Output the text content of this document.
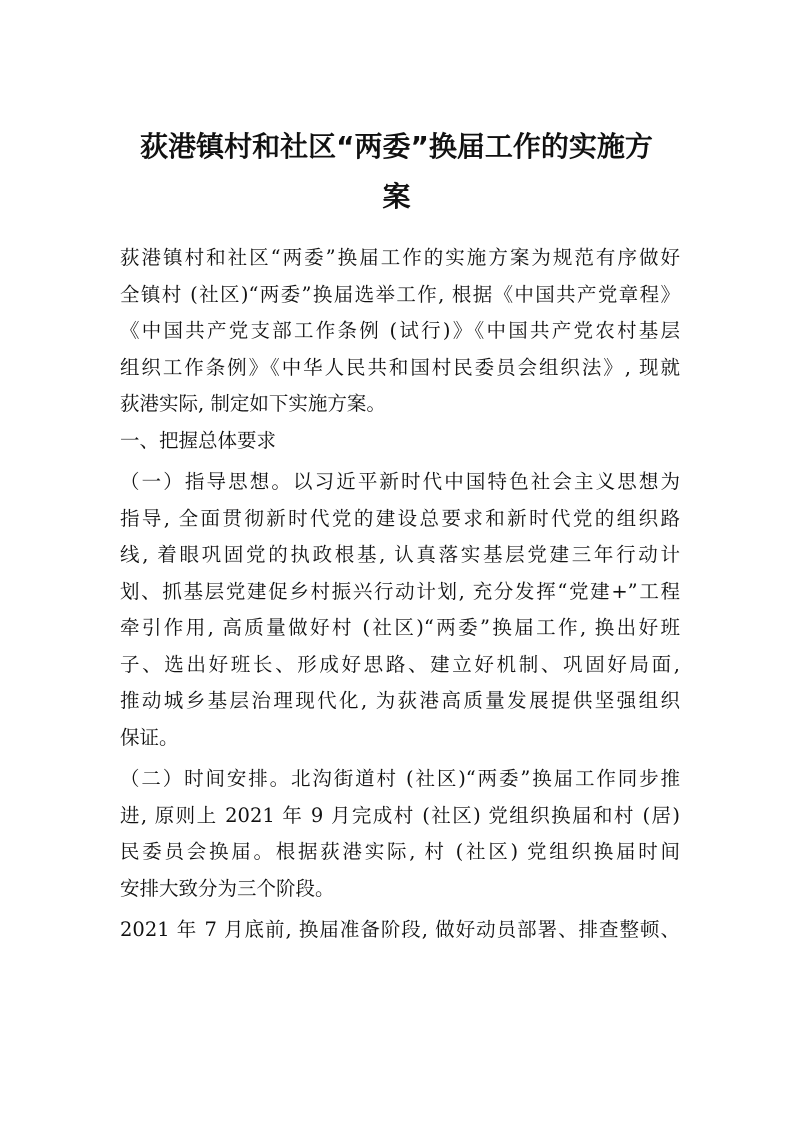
荻港镇村和社区“两委”换届工作的实施方
案
荻港镇村和社区“两委”换届工作的实施方案为规范有序做好
全镇村 (社区)“两委”换届选举工作, 根据《中国共产党章程》
《中国共产党支部工作条例 (试行)》《中国共产党农村基层
组织工作条例》《中华人民共和国村民委员会组织法》, 现就
荻港实际, 制定如下实施方案。
一、把握总体要求
（一）指导思想。以习近平新时代中国特色社会主义思想为
指导, 全面贯彻新时代党的建设总要求和新时代党的组织路
线, 着眼巩固党的执政根基, 认真落实基层党建三年行动计
划、抓基层党建促乡村振兴行动计划, 充分发挥“党建+”工程
牵引作用, 高质量做好村 (社区)“两委”换届工作, 换出好班
子、选出好班长、形成好思路、建立好机制、巩固好局面,
推动城乡基层治理现代化, 为荻港高质量发展提供坚强组织
保证。
（二）时间安排。北沟街道村 (社区)“两委”换届工作同步推
进, 原则上 2021 年 9 月完成村 (社区) 党组织换届和村 (居)
民委员会换届。根据荻港实际, 村 (社区) 党组织换届时间
安排大致分为三个阶段。
2021 年 7 月底前, 换届准备阶段, 做好动员部署、排查整顿、
